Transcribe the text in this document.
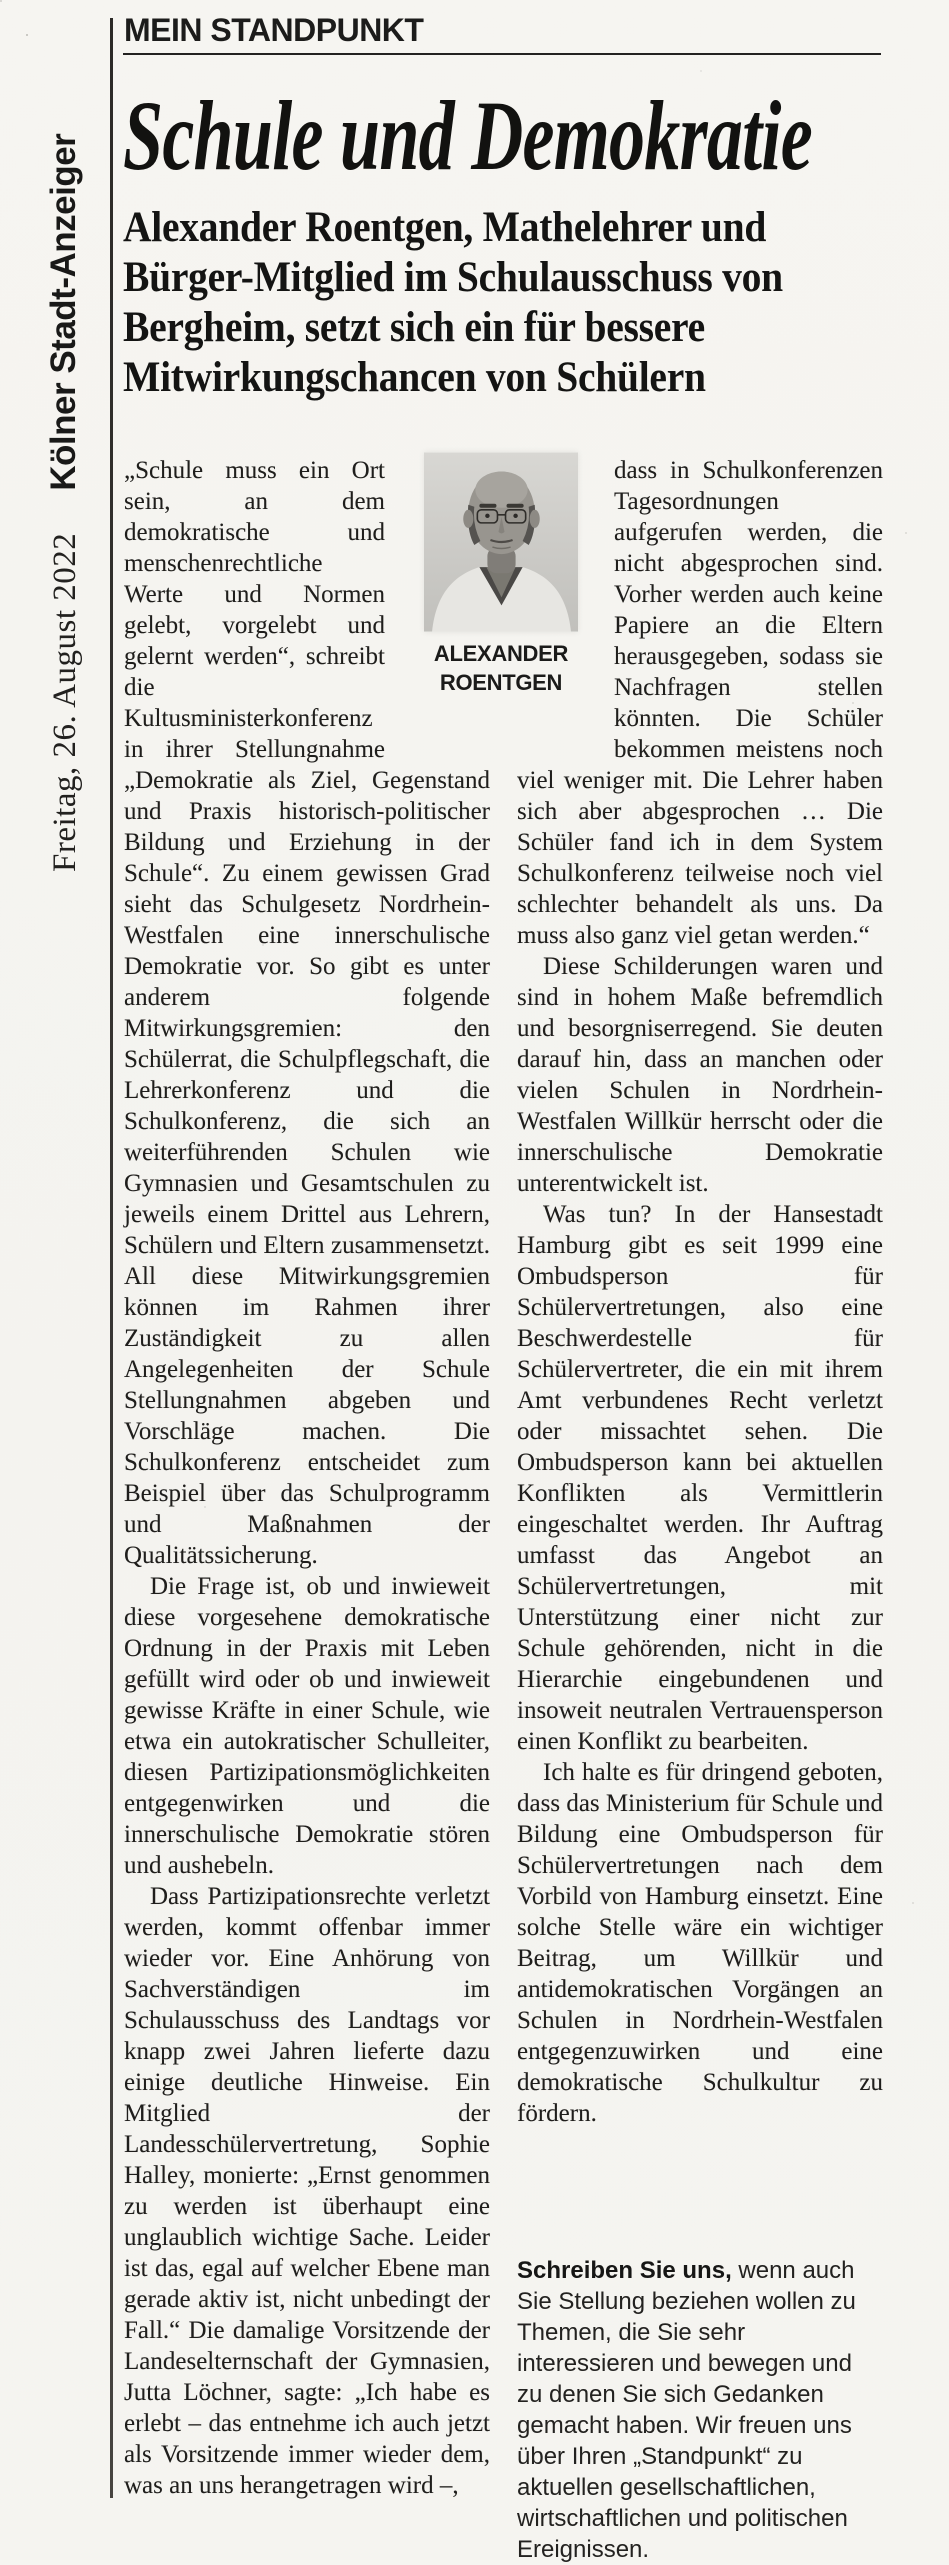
Freitag, 26. August 2022Kölner Stadt-Anzeiger
MEIN STANDPUNKT
Schule und Demokratie
Alexander Roentgen, Mathelehrer und
Bürger-Mitglied im Schulausschuss von
Bergheim, setzt sich ein für bessere
Mitwirkungschancen von Schülern

„Schule muss ein Ort sein, an dem demokratische und menschenrechtliche Werte und Normen gelebt, vorgelebt und gelernt werden“, schreibt die Kultusministerkonferenz in ihrer Stellungnahme „Demokratie als Ziel, Gegenstand und Praxis historisch-politischer Bildung und Erziehung in der Schule“. Zu einem gewissen Grad sieht das Schulgesetz Nordrhein-Westfalen eine innerschulische Demokratie vor. So gibt es unter anderem folgende Mitwirkungsgremien: den Schülerrat, die Schulpflegschaft, die Lehrerkonferenz und die Schulkonferenz, die sich an weiterführenden Schulen wie Gymnasien und Gesamtschulen zu jeweils einem Drittel aus Lehrern, Schülern und Eltern zusammensetzt. All diese Mitwirkungsgremien können im Rahmen ihrer Zuständigkeit zu allen Angelegenheiten der Schule Stellungnahmen abgeben und Vorschläge machen. Die Schulkonferenz entscheidet zum Beispiel über das Schulprogramm und Maßnahmen der Qualitätssicherung.

Die Frage ist, ob und inwieweit diese vorgesehene demokratische Ordnung in der Praxis mit Leben gefüllt wird oder ob und inwieweit gewisse Kräfte in einer Schule, wie etwa ein autokratischer Schulleiter, diesen Partizipationsmöglichkeiten entgegenwirken und die innerschulische Demokratie stören und aushebeln.

Dass Partizipationsrechte verletzt werden, kommt offenbar immer wieder vor. Eine Anhörung von Sachverständigen im Schulausschuss des Landtags vor knapp zwei Jahren lieferte dazu einige deutliche Hinweise. Ein Mitglied der Landesschülervertretung, Sophie Halley, monierte: „Ernst genommen zu werden ist überhaupt eine unglaublich wichtige Sache. Leider ist das, egal auf welcher Ebene man gerade aktiv ist, nicht unbedingt der Fall.“ Die damalige Vorsitzende der Landeselternschaft der Gymnasien, Jutta Löchner, sagte: „Ich habe es erlebt – das entnehme ich auch jetzt als Vorsitzende immer wieder dem, was an uns herangetragen wird –,

dass in Schulkonferenzen Tagesordnungen aufgerufen werden, die nicht abgesprochen sind. Vorher werden auch keine Papiere an die Eltern herausgegeben, sodass sie Nachfragen stellen könnten. Die Schüler bekommen meistens noch viel weniger mit. Die Lehrer haben sich aber abgesprochen … Die Schüler fand ich in dem System Schulkonferenz teilweise noch viel schlechter behandelt als uns. Da muss also ganz viel getan werden.“

Diese Schilderungen waren und sind in hohem Maße befremdlich und besorgniserregend. Sie deuten darauf hin, dass an manchen oder vielen Schulen in Nordrhein-Westfalen Willkür herrscht oder die innerschulische Demokratie unterentwickelt ist.

Was tun? In der Hansestadt Hamburg gibt es seit 1999 eine Ombudsperson für Schülervertretungen, also eine Beschwerdestelle für Schülervertreter, die ein mit ihrem Amt verbundenes Recht verletzt oder missachtet sehen. Die Ombudsperson kann bei aktuellen Konflikten als Vermittlerin eingeschaltet werden. Ihr Auftrag umfasst das Angebot an Schülervertretungen, mit Unterstützung einer nicht zur Schule gehörenden, nicht in die Hierarchie eingebundenen und insoweit neutralen Vertrauensperson einen Konflikt zu bearbeiten.

Ich halte es für dringend geboten, dass das Ministerium für Schule und Bildung eine Ombudsperson für Schülervertretungen nach dem Vorbild von Hamburg einsetzt. Eine solche Stelle wäre ein wichtiger Beitrag, um Willkür und antidemokratischen Vorgängen an Schulen in Nordrhein-Westfalen entgegenzuwirken und eine demokratische Schulkultur zu fördern.

ALEXANDER
ROENTGEN
Schreiben Sie uns, wenn auch Sie Stellung beziehen wollen zu Themen, die Sie sehr interessieren und bewegen und zu denen Sie sich Gedanken gemacht haben. Wir freuen uns über Ihren „Standpunkt“ zu aktuellen gesellschaftlichen, wirtschaftlichen und politischen Ereignissen.
